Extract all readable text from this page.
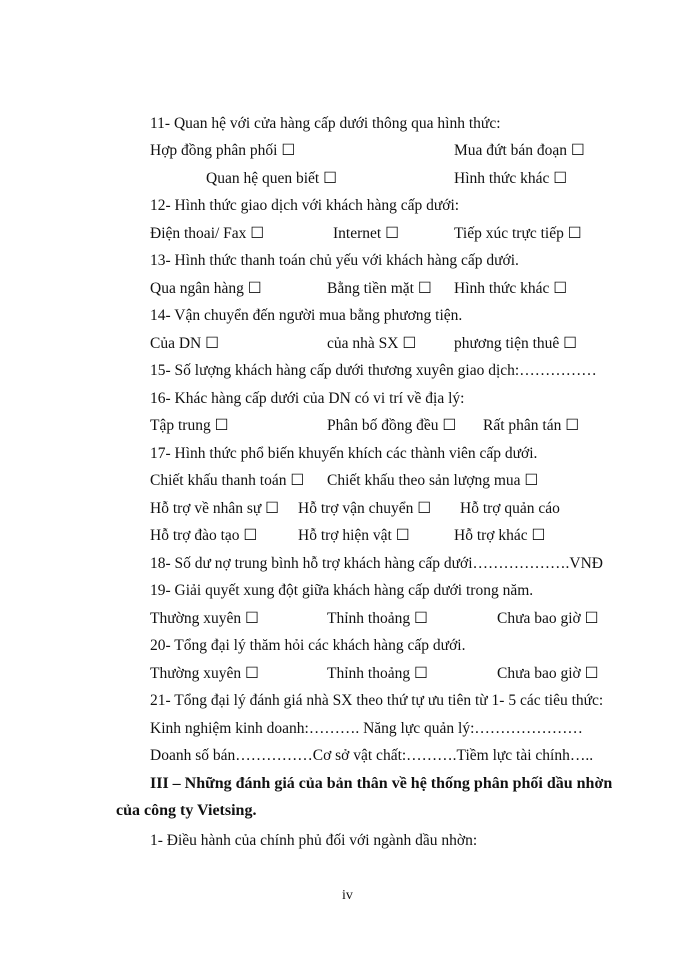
11- Quan hệ với cửa hàng cấp dưới thông qua hình thức:
Hợp đồng phân phối ☐	Mua đứt bán đoạn ☐
Quan hệ quen biết ☐	Hình thức khác ☐
12- Hình thức giao dịch với khách hàng cấp dưới:
Điện thoai/ Fax ☐	Internet ☐	Tiếp xúc trực tiếp ☐
13- Hình thức thanh toán chủ yếu với khách hàng cấp dưới.
Qua ngân hàng ☐	Bằng tiền mặt ☐ Hình thức khác ☐
14- Vận chuyển đến người mua bằng phương tiện.
Của DN ☐	của nhà SX ☐ phương tiện thuê ☐
15- Số lượng khách hàng cấp dưới thương xuyên giao dịch:……………
16- Khác hàng cấp dưới của DN có vi trí về địa lý:
Tập trung ☐	Phân bố đồng đều ☐ Rất phân tán ☐
17- Hình thức phổ biến khuyến khích các thành viên cấp dưới.
Chiết khấu thanh toán ☐ Chiết khấu theo sản lượng mua ☐
Hỗ trợ về nhân sự ☐ Hỗ trợ vận chuyển ☐ Hỗ trợ quản cáo
Hỗ trợ đào tạo ☐	Hỗ trợ hiện vật ☐	Hỗ trợ khác ☐
18- Số dư nợ trung bình hỗ trợ khách hàng cấp dưới……………….VNĐ
19- Giải quyết xung đột giữa khách hàng cấp dưới trong năm.
Thường xuyên ☐	Thỉnh thoảng ☐	Chưa bao giờ ☐
20- Tổng đại lý thăm hỏi các khách hàng cấp dưới.
Thường xuyên ☐	Thỉnh thoảng ☐	Chưa bao giờ ☐
21- Tổng đại lý đánh giá nhà SX theo thứ tự ưu tiên từ 1- 5 các tiêu thức:
Kinh nghiệm kinh doanh:………. Năng lực quản lý:…………………
Doanh số bán……………Cơ sở vật chất:……….Tiềm lực tài chính…..
III – Những đánh giá của bản thân về hệ thống phân phối dầu nhờn
của công ty Vietsing.
1- Điều hành của chính phủ đối với ngành dầu nhờn:
iv
